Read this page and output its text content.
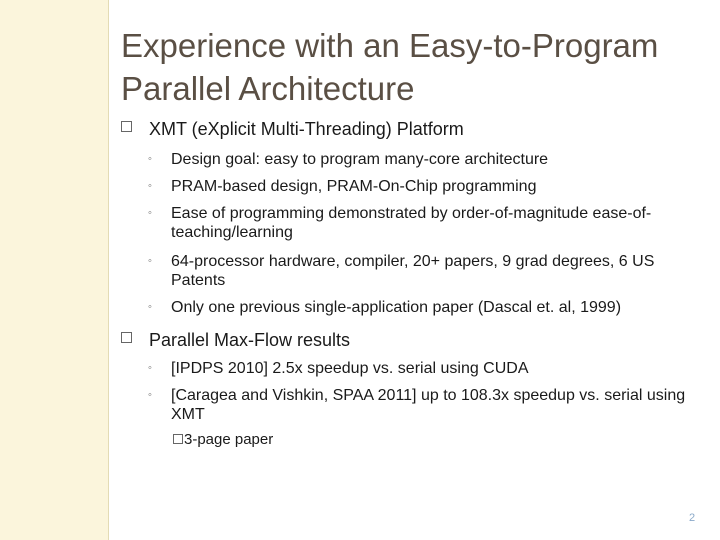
Experience with an Easy-to-Program Parallel Architecture
XMT (eXplicit Multi-Threading) Platform
◦ Design goal: easy to program many-core architecture
◦ PRAM-based design, PRAM-On-Chip programming
◦ Ease of programming demonstrated by order-of-magnitude ease-of-teaching/learning
◦ 64-processor hardware, compiler, 20+ papers, 9 grad degrees, 6 US Patents
◦ Only one previous single-application paper (Dascal et. al, 1999)
Parallel Max-Flow results
◦ [IPDPS 2010] 2.5x speedup vs. serial using CUDA
◦ [Caragea and Vishkin, SPAA 2011] up to 108.3x speedup vs. serial using XMT
3-page paper
2
